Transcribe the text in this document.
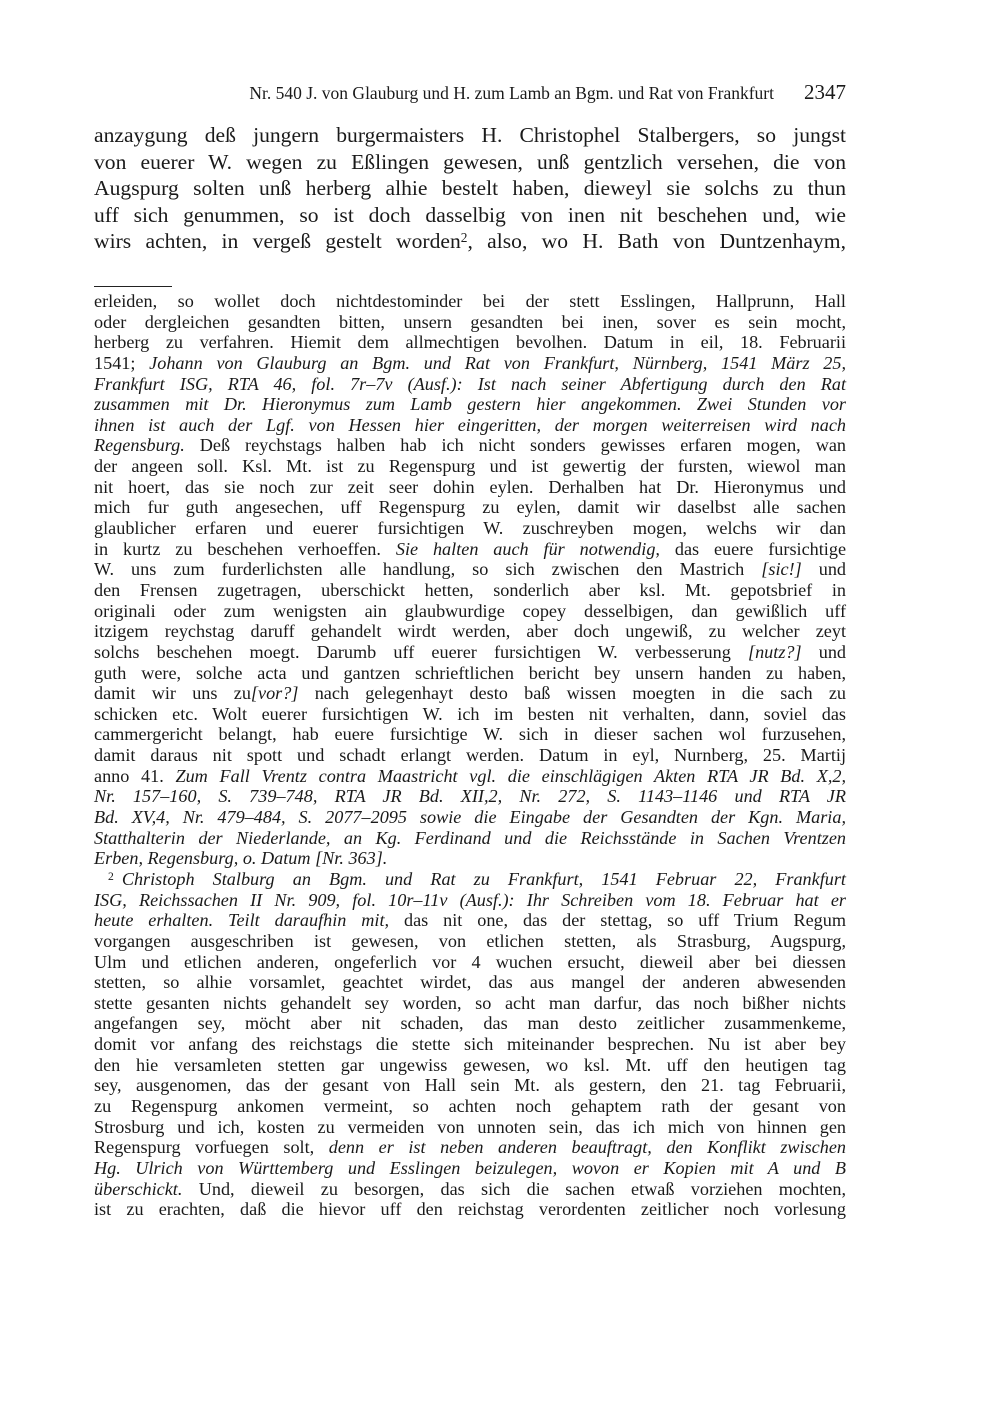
Nr. 540 J. von Glauburg und H. zum Lamb an Bgm. und Rat von Frankfurt 2347
anzaygung deß jungern burgermaisters H. Christophel Stalbergers, so jungst
von euerer W. wegen zu Eßlingen gewesen, unß gentzlich versehen, die von
Augspurg solten unß herberg alhie bestelt haben, dieweyl sie solchs zu thun
uff sich genummen, so ist doch dasselbig von inen nit beschehen und, wie
wirs achten, in vergeß gestelt worden$^2$, also, wo H. Bath von Duntzenhaym,
erleiden, so wollet doch nichtdestominder bei der stett Esslingen, Hallprunn, Hall
oder dergleichen gesandten bitten, unsern gesandten bei inen, sover es sein mocht,
herberg zu verfahren. Hiemit dem allmechtigen bevolhen. Datum in eil, 18. Februarii
1541; Johann von Glauburg an Bgm. und Rat von Frankfurt, Nürnberg, 1541 März 25,
Frankfurt ISG, RTA 46, fol. 7r–7v (Ausf.): Ist nach seiner Abfertigung durch den Rat
zusammen mit Dr. Hieronymus zum Lamb gestern hier angekommen. Zwei Stunden vor
ihnen ist auch der Lgf. von Hessen hier eingeritten, der morgen weiterreisen wird nach
Regensburg. Deß reychstags halben hab ich nicht sonders gewisses erfaren mogen, wan
der angeen soll. Ksl. Mt. ist zu Regenspurg und ist gewertig der fursten, wiewol man
nit hoert, das sie noch zur zeit seer dohin eylen. Derhalben hat Dr. Hieronymus und
mich fur guth angesechen, uff Regenspurg zu eylen, damit wir daselbst alle sachen
glaublicher erfaren und euerer fursichtigen W. zuschreyben mogen, welchs wir dan
in kurtz zu beschehen verhoeffen. Sie halten auch für notwendig, das euere fursichtige
W. uns zum furderlichsten alle handlung, so sich zwischen den Mastrich [sic!] und
den Frensen zugetragen, uberschickt hetten, sonderlich aber ksl. Mt. gepotsbrief in
originali oder zum wenigsten ain glaubwurdige copey desselbigen, dan gewißlich uff
itzigem reychstag daruff gehandelt wirdt werden, aber doch ungewiß, zu welcher zeyt
solchs beschehen moegt. Darumb uff euerer fursichtigen W. verbesserung [nutz?] und
guth were, solche acta und gantzen schrieftlichen bericht bey unsern handen zu haben,
damit wir uns zu[vor?] nach gelegenhayt desto baß wissen moegten in die sach zu
schicken etc. Wolt euerer fursichtigen W. ich im besten nit verhalten, dann, soviel das
cammergericht belangt, hab euere fursichtige W. sich in dieser sachen wol furzusehen,
damit daraus nit spott und schadt erlangt werden. Datum in eyl, Nurnberg, 25. Martij
anno 41. Zum Fall Vrentz contra Maastricht vgl. die einschlägigen Akten RTA JR Bd. X,2,
Nr. 157–160, S. 739–748, RTA JR Bd. XII,2, Nr. 272, S. 1143–1146 und RTA JR
Bd. XV,4, Nr. 479–484, S. 2077–2095 sowie die Eingabe der Gesandten der Kgn. Maria,
Statthalterin der Niederlande, an Kg. Ferdinand und die Reichsstände in Sachen Vrentzen
Erben, Regensburg, o. Datum [Nr. 363].
$^2$ Christoph Stalburg an Bgm. und Rat zu Frankfurt, 1541 Februar 22, Frankfurt
ISG, Reichssachen II Nr. 909, fol. 10r–11v (Ausf.): Ihr Schreiben vom 18. Februar hat er
heute erhalten. Teilt daraufhin mit, das nit one, das der stettag, so uff Trium Regum
vorgangen ausgeschriben ist gewesen, von etlichen stetten, als Strasburg, Augspurg,
Ulm und etlichen anderen, ongeferlich vor 4 wuchen ersucht, dieweil aber bei diessen
stetten, so alhie vorsamlet, geachtet wirdet, das aus mangel der anderen abwesenden
stette gesanten nichts gehandelt sey worden, so acht man darfur, das noch bißher nichts
angefangen sey, möcht aber nit schaden, das man desto zeitlicher zusammenkeme,
domit vor anfang des reichstags die stette sich miteinander besprechen. Nu ist aber bey
den hie versamleten stetten gar ungewiss gewesen, wo ksl. Mt. uff den heutigen tag
sey, ausgenomen, das der gesant von Hall sein Mt. als gestern, den 21. tag Februarii,
zu Regenspurg ankomen vermeint, so achten noch gehaptem rath der gesant von
Strosburg und ich, kosten zu vermeiden von unnoten sein, das ich mich von hinnen gen
Regenspurg vorfuegen solt, denn er ist neben anderen beauftragt, den Konflikt zwischen
Hg. Ulrich von Württemberg und Esslingen beizulegen, wovon er Kopien mit A und B
überschickt. Und, dieweil zu besorgen, das sich die sachen etwaß vorziehen mochten,
ist zu erachten, daß die hievor uff den reichstag verordenten zeitlicher noch vorlesung
